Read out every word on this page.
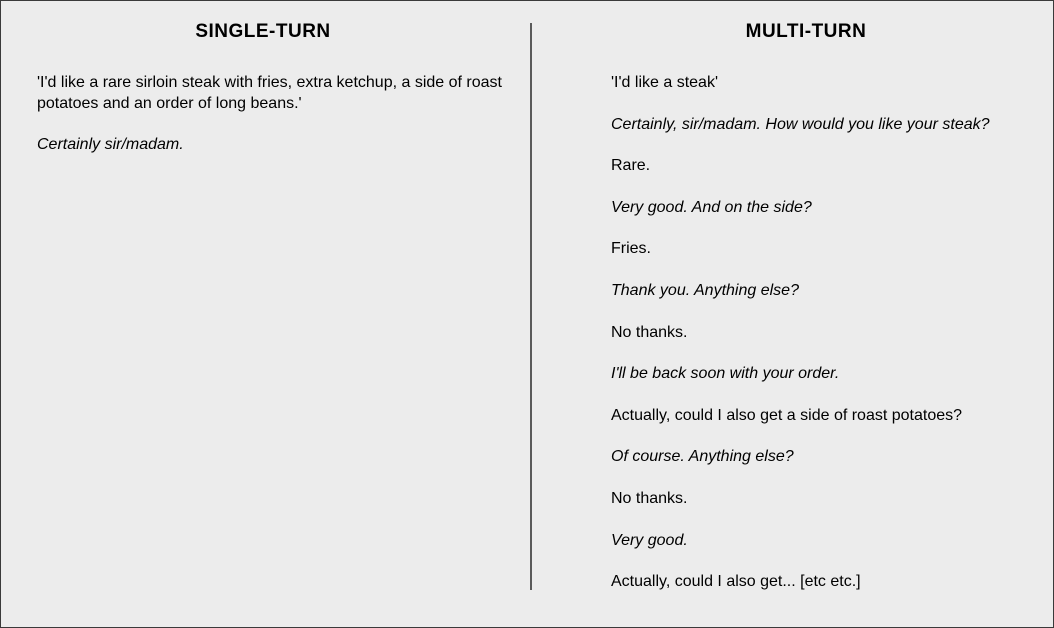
SINGLE-TURN	MULTI-TURN

'I'd like a rare sirloin steak with fries, extra ketchup, a side of roast potatoes and an order of long beans.'

Certainly sir/madam.

'I'd like a steak'
Certainly, sir/madam. How would you like your steak?
Rare.
Very good. And on the side?
Fries.
Thank you. Anything else?
No thanks.
I'll be back soon with your order.
Actually, could I also get a side of roast potatoes?
Of course. Anything else?
No thanks.
Very good.
Actually, could I also get... [etc etc.]
